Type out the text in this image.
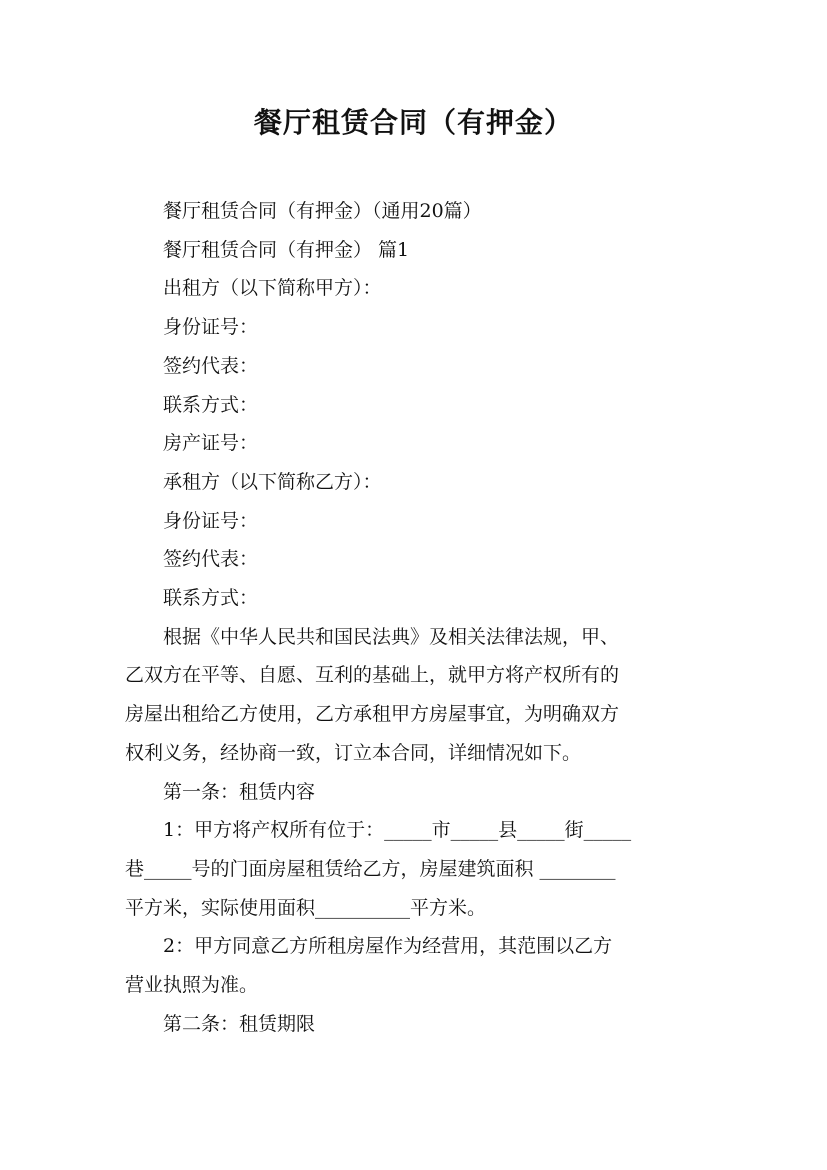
餐厅租赁合同（有押金）

餐厅租赁合同（有押金）（通用20篇）

餐厅租赁合同（有押金） 篇1

出租方（以下简称甲方）：

身份证号：

签约代表：

联系方式：

房产证号：

承租方（以下简称乙方）：

身份证号：

签约代表：

联系方式：

根据《中华人民共和国民法典》及相关法律法规，甲、
乙双方在平等、自愿、互利的基础上，就甲方将产权所有的
房屋出租给乙方使用，乙方承租甲方房屋事宜，为明确双方
权利义务，经协商一致，订立本合同，详细情况如下。

第一条：租赁内容

1：甲方将产权所有位于：_____市_____县_____街_____
巷_____号的门面房屋租赁给乙方，房屋建筑面积 ________
平方米，实际使用面积__________平方米。

2：甲方同意乙方所租房屋作为经营用，其范围以乙方
营业执照为准。

第二条：租赁期限
